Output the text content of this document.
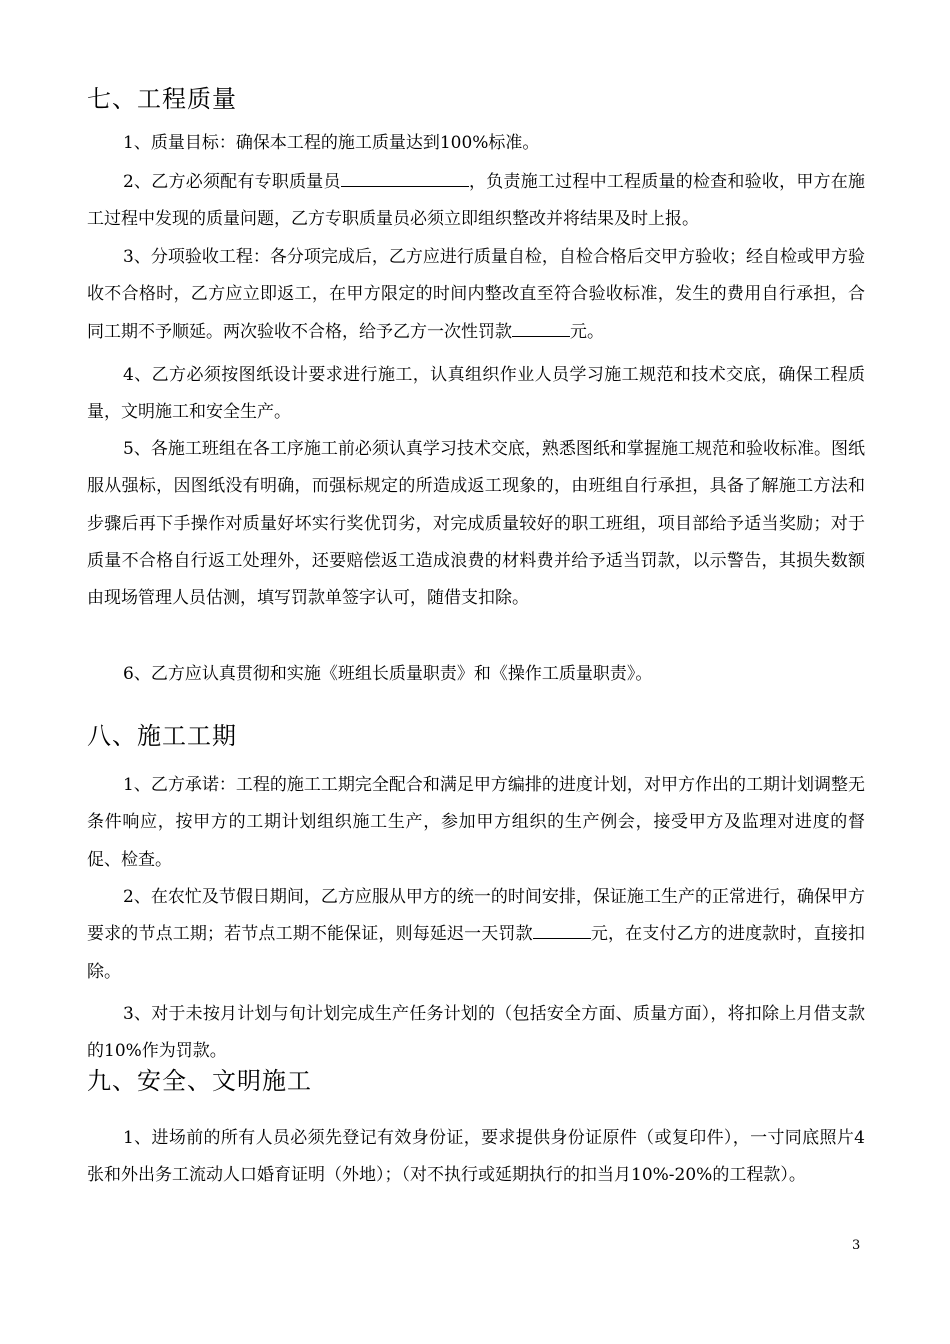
七、工程质量
1、质量目标：确保本工程的施工质量达到100%标准。
2、乙方必须配有专职质量员	，负责施工过程中工程质量的检查和验收，甲方在施工过程中发现的质量问题，乙方专职质量员必须立即组织整改并将结果及时上报。
3、分项验收工程：各分项完成后，乙方应进行质量自检，自检合格后交甲方验收；经自检或甲方验收不合格时，乙方应立即返工，在甲方限定的时间内整改直至符合验收标准，发生的费用自行承担，合同工期不予顺延。两次验收不合格，给予乙方一次性罚款	元。
4、乙方必须按图纸设计要求进行施工，认真组织作业人员学习施工规范和技术交底，确保工程质量，文明施工和安全生产。
5、各施工班组在各工序施工前必须认真学习技术交底，熟悉图纸和掌握施工规范和验收标准。图纸服从强标，因图纸没有明确，而强标规定的所造成返工现象的，由班组自行承担，具备了解施工方法和步骤后再下手操作对质量好坏实行奖优罚劣，对完成质量较好的职工班组，项目部给予适当奖励；对于质量不合格自行返工处理外，还要赔偿返工造成浪费的材料费并给予适当罚款，以示警告，其损失数额由现场管理人员估测，填写罚款单签字认可，随借支扣除。
6、乙方应认真贯彻和实施《班组长质量职责》和《操作工质量职责》。
八、施工工期
1、乙方承诺：工程的施工工期完全配合和满足甲方编排的进度计划，对甲方作出的工期计划调整无条件响应，按甲方的工期计划组织施工生产，参加甲方组织的生产例会，接受甲方及监理对进度的督促、检查。
2、在农忙及节假日期间，乙方应服从甲方的统一的时间安排，保证施工生产的正常进行，确保甲方要求的节点工期；若节点工期不能保证，则每延迟一天罚款	元，在支付乙方的进度款时，直接扣除。
3、对于未按月计划与旬计划完成生产任务计划的（包括安全方面、质量方面），将扣除上月借支款的10%作为罚款。
九、安全、文明施工
1、进场前的所有人员必须先登记有效身份证，要求提供身份证原件（或复印件），一寸同底照片4张和外出务工流动人口婚育证明（外地）；（对不执行或延期执行的扣当月10%-20%的工程款）。
3
